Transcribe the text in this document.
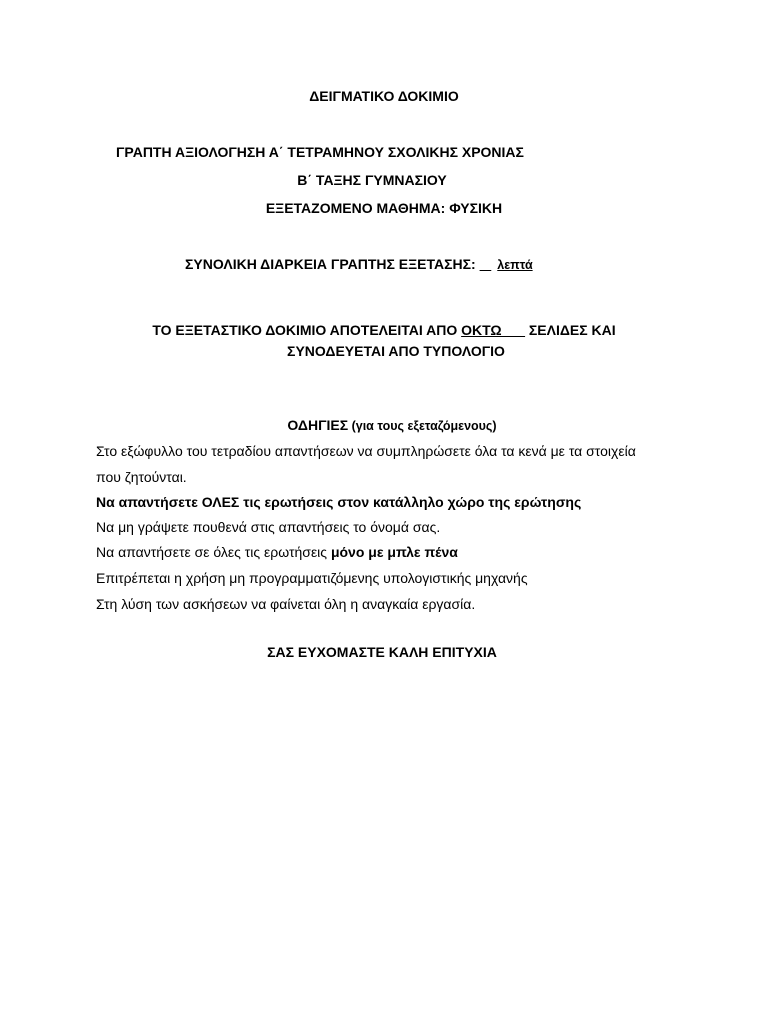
ΔΕΙΓΜΑΤΙΚΟ ΔΟΚΙΜΙΟ
ΓΡΑΠΤΗ ΑΞΙΟΛΟΓΗΣΗ Α΄ ΤΕΤΡΑΜΗΝΟΥ ΣΧΟΛΙΚΗΣ ΧΡΟΝΙΑΣ
Β΄ ΤΑΞΗΣ ΓΥΜΝΑΣΙΟΥ
ΕΞΕΤΑΖΟΜΕΝΟ ΜΑΘΗΜΑ: ΦΥΣΙΚΗ
ΣΥΝΟΛΙΚΗ ΔΙΑΡΚΕΙΑ ΓΡΑΠΤΗΣ ΕΞΕΤΑΣΗΣ: λεπτά
ΤΟ ΕΞΕΤΑΣΤΙΚΟ ΔΟΚΙΜΙΟ ΑΠΟΤΕΛΕΙΤΑΙ ΑΠΟ ΟΚΤΩ___ ΣΕΛΙΔΕΣ ΚΑΙ
ΣΥΝΟΔΕΥΕΤΑΙ ΑΠΟ ΤΥΠΟΛΟΓΙΟ
ΟΔΗΓΙΕΣ (για τους εξεταζόμενους)
Στο εξώφυλλο του τετραδίου απαντήσεων να συμπληρώσετε όλα τα κενά με τα στοιχεία
που ζητούνται.
Να απαντήσετε ΟΛΕΣ τις ερωτήσεις στον κατάλληλο χώρο της ερώτησης
Να μη γράψετε πουθενά στις απαντήσεις το όνομά σας.
Να απαντήσετε σε όλες τις ερωτήσεις μόνο με μπλε πένα
Επιτρέπεται η χρήση μη προγραμματιζόμενης υπολογιστικής μηχανής
Στη λύση των ασκήσεων να φαίνεται όλη η αναγκαία εργασία.
ΣΑΣ ΕΥΧΟΜΑΣΤΕ ΚΑΛΗ ΕΠΙΤΥΧΙΑ
